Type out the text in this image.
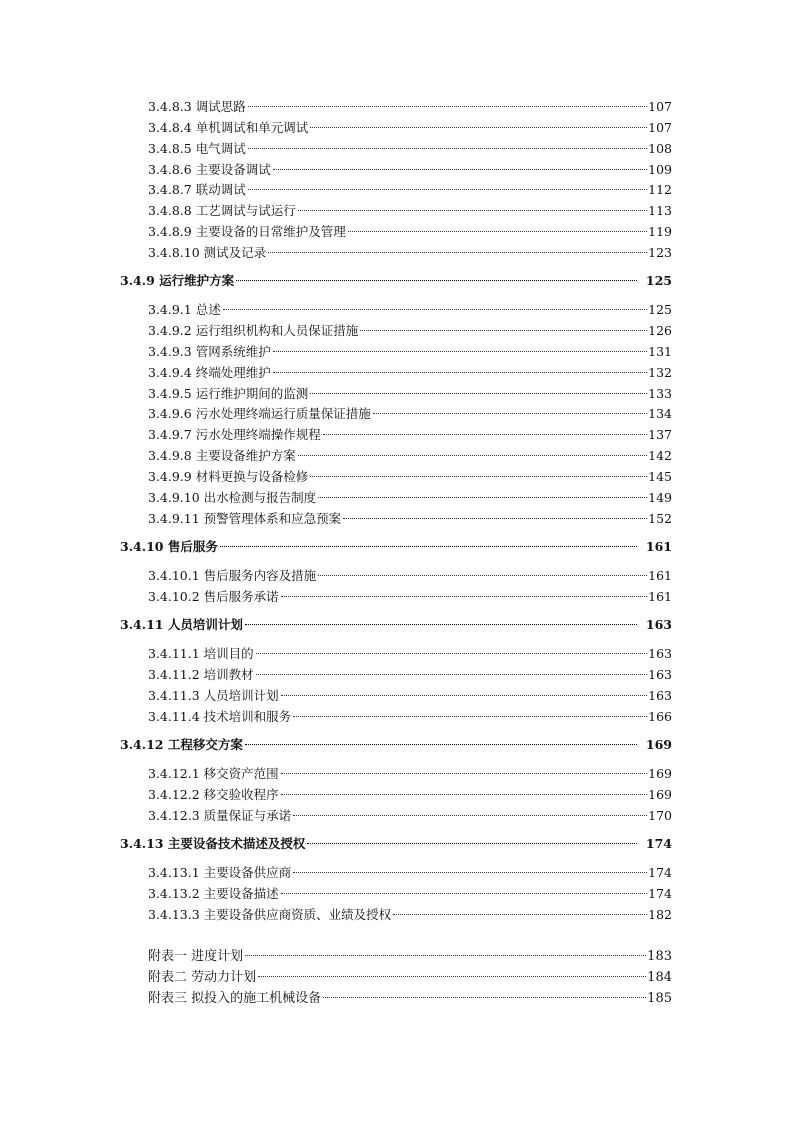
3.4.8.3 调试思路	107
3.4.8.4 单机调试和单元调试	107
3.4.8.5 电气调试	108
3.4.8.6 主要设备调试	109
3.4.8.7 联动调试	112
3.4.8.8 工艺调试与试运行	113
3.4.8.9 主要设备的日常维护及管理	119
3.4.8.10 测试及记录	123
3.4.9 运行维护方案	125
3.4.9.1 总述	125
3.4.9.2 运行组织机构和人员保证措施	126
3.4.9.3 管网系统维护	131
3.4.9.4 终端处理维护	132
3.4.9.5 运行维护期间的监测	133
3.4.9.6 污水处理终端运行质量保证措施	134
3.4.9.7 污水处理终端操作规程	137
3.4.9.8 主要设备维护方案	142
3.4.9.9 材料更换与设备检修	145
3.4.9.10 出水检测与报告制度	149
3.4.9.11 预警管理体系和应急预案	152
3.4.10 售后服务	161
3.4.10.1 售后服务内容及措施	161
3.4.10.2 售后服务承诺	161
3.4.11 人员培训计划	163
3.4.11.1 培训目的	163
3.4.11.2 培训教材	163
3.4.11.3 人员培训计划	163
3.4.11.4 技术培训和服务	166
3.4.12 工程移交方案	169
3.4.12.1 移交资产范围	169
3.4.12.2 移交验收程序	169
3.4.12.3 质量保证与承诺	170
3.4.13 主要设备技术描述及授权	174
3.4.13.1 主要设备供应商	174
3.4.13.2 主要设备描述	174
3.4.13.3 主要设备供应商资质、业绩及授权	182
附表一 进度计划	183
附表二 劳动力计划	184
附表三 拟投入的施工机械设备	185
